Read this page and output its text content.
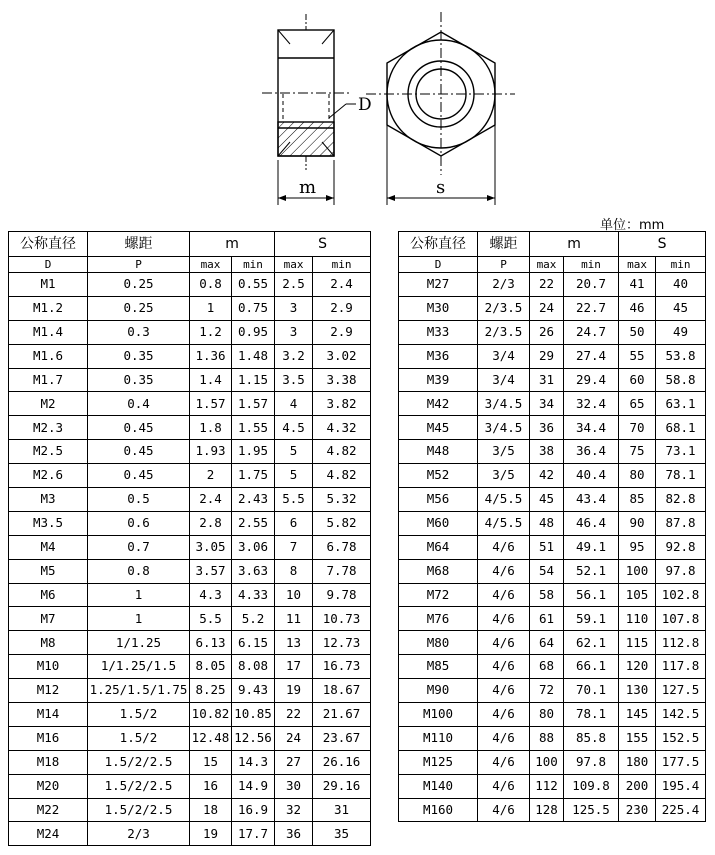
D
m	s
单位：mm
公称直径	螺距	m		S	
D	P	max	min	max	min
M1	0.25	0.8	0.55	2.5	2.4
M1.2	0.25	1	0.75	3	2.9
M1.4	0.3	1.2	0.95	3	2.9
M1.6	0.35	1.36	1.48	3.2	3.02
M1.7	0.35	1.4	1.15	3.5	3.38
M2	0.4	1.57	1.57	4	3.82
M2.3	0.45	1.8	1.55	4.5	4.32
M2.5	0.45	1.93	1.95	5	4.82
M2.6	0.45	2	1.75	5	4.82
M3	0.5	2.4	2.43	5.5	5.32
M3.5	0.6	2.8	2.55	6	5.82
M4	0.7	3.05	3.06	7	6.78
M5	0.8	3.57	3.63	8	7.78
M6	1	4.3	4.33	10	9.78
M7	1	5.5	5.2	11	10.73
M8	1/1.25	6.13	6.15	13	12.73
M10	1/1.25/1.5	8.05	8.08	17	16.73
M12	1.25/1.5/1.75	8.25	9.43	19	18.67
M14	1.5/2	10.82	10.85	22	21.67
M16	1.5/2	12.48	12.56	24	23.67
M18	1.5/2/2.5	15	14.3	27	26.16
M20	1.5/2/2.5	16	14.9	30	29.16
M22	1.5/2/2.5	18	16.9	32	31
M24	2/3	19	17.7	36	35
公称直径	螺距	m		S	
D	P	max	min	max	min
M27	2/3	22	20.7	41	40
M30	2/3.5	24	22.7	46	45
M33	2/3.5	26	24.7	50	49
M36	3/4	29	27.4	55	53.8
M39	3/4	31	29.4	60	58.8
M42	3/4.5	34	32.4	65	63.1
M45	3/4.5	36	34.4	70	68.1
M48	3/5	38	36.4	75	73.1
M52	3/5	42	40.4	80	78.1
M56	4/5.5	45	43.4	85	82.8
M60	4/5.5	48	46.4	90	87.8
M64	4/6	51	49.1	95	92.8
M68	4/6	54	52.1	100	97.8
M72	4/6	58	56.1	105	102.8
M76	4/6	61	59.1	110	107.8
M80	4/6	64	62.1	115	112.8
M85	4/6	68	66.1	120	117.8
M90	4/6	72	70.1	130	127.5
M100	4/6	80	78.1	145	142.5
M110	4/6	88	85.8	155	152.5
M125	4/6	100	97.8	180	177.5
M140	4/6	112	109.8	200	195.4
M160	4/6	128	125.5	230	225.4
